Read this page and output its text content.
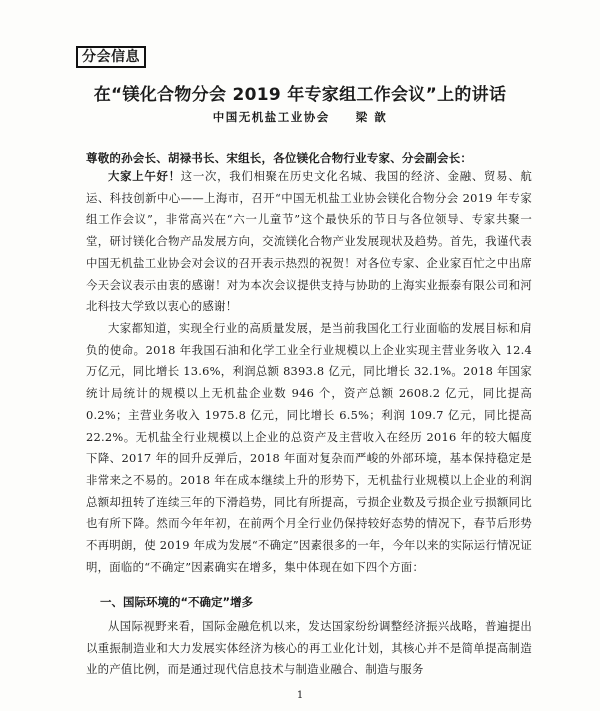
分会信息
在“镁化合物分会 2019 年专家组工作会议”上的讲话
中国无机盐工业协会 梁 歆
尊敬的孙会长、胡禄书长、宋组长，各位镁化合物行业专家、分会副会长：

大家上午好！这一次，我们相聚在历史文化名城、我国的经济、金融、贸易、航运、科技创新中心——上海市，召开“中国无机盐工业协会镁化合物分会 2019 年专家组工作会议”，非常高兴在“六一儿童节”这个最快乐的节日与各位领导、专家共聚一堂，研讨镁化合物产品发展方向，交流镁化合物产业发展现状及趋势。首先，我谨代表中国无机盐工业协会对会议的召开表示热烈的祝贺！对各位专家、企业家百忙之中出席今天会议表示由衷的感谢！对为本次会议提供支持与协助的上海实业振泰有限公司和河北科技大学致以衷心的感谢！

大家都知道，实现全行业的高质量发展，是当前我国化工行业面临的发展目标和肩负的使命。2018 年我国石油和化学工业全行业规模以上企业实现主营业务收入 12.4 万亿元，同比增长 13.6%，利润总额 8393.8 亿元，同比增长 32.1%。2018 年国家统计局统计的规模以上无机盐企业数 946 个，资产总额 2608.2 亿元，同比提高 0.2%；主营业务收入 1975.8 亿元，同比增长 6.5%；利润 109.7 亿元，同比提高 22.2%。无机盐全行业规模以上企业的总资产及主营收入在经历 2016 年的较大幅度下降、2017 年的回升反弹后，2018 年面对复杂而严峻的外部环境，基本保持稳定是非常来之不易的。2018 年在成本继续上升的形势下，无机盐行业规模以上企业的利润总额却扭转了连续三年的下滑趋势，同比有所提高，亏损企业数及亏损企业亏损额同比也有所下降。然而今年年初，在前两个月全行业仍保持较好态势的情况下，春节后形势不再明朗，使 2019 年成为发展“不确定”因素很多的一年，今年以来的实际运行情况证明，面临的“不确定”因素确实在增多，集中体现在如下四个方面：

一、国际环境的“不确定”增多

从国际视野来看，国际金融危机以来，发达国家纷纷调整经济振兴战略，普遍提出以重振制造业和大力发展实体经济为核心的再工业化计划，其核心并不是简单提高制造业的产值比例，而是通过现代信息技术与制造业融合、制造与服务

1
